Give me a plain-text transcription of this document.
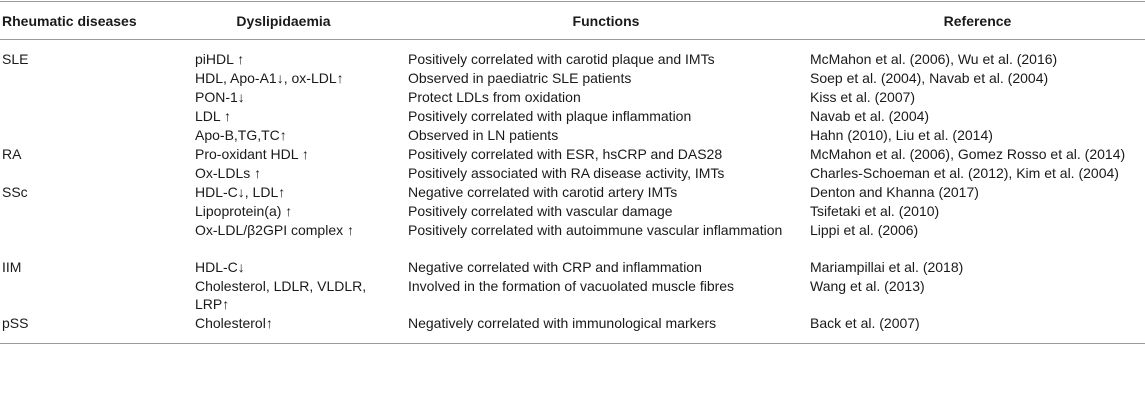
Rheumatic diseases	Dyslipidaemia	Functions	Reference
SLE	piHDL ↑	Positively correlated with carotid plaque and IMTs	McMahon et al. (2006), Wu et al. (2016)
	HDL, Apo-A1↓, ox-LDL↑	Observed in paediatric SLE patients	Soep et al. (2004), Navab et al. (2004)
	PON-1↓	Protect LDLs from oxidation	Kiss et al. (2007)
	LDL ↑	Positively correlated with plaque inflammation	Navab et al. (2004)
	Apo-B,TG,TC↑	Observed in LN patients	Hahn (2010), Liu et al. (2014)
RA	Pro-oxidant HDL ↑	Positively correlated with ESR, hsCRP and DAS28	McMahon et al. (2006), Gomez Rosso et al. (2014)
	Ox-LDLs ↑	Positively associated with RA disease activity, IMTs	Charles-Schoeman et al. (2012), Kim et al. (2004)
SSc	HDL-C↓, LDL↑	Negative correlated with carotid artery IMTs	Denton and Khanna (2017)
	Lipoprotein(a) ↑	Positively correlated with vascular damage	Tsifetaki et al. (2010)
	Ox-LDL/β2GPI complex ↑	Positively correlated with autoimmune vascular inflammation	Lippi et al. (2006)
IIM	HDL-C↓	Negative correlated with CRP and inflammation	Mariampillai et al. (2018)
	Cholesterol, LDLR, VLDLR, LRP↑	Involved in the formation of vacuolated muscle fibres	Wang et al. (2013)
pSS	Cholesterol↑	Negatively correlated with immunological markers	Back et al. (2007)
